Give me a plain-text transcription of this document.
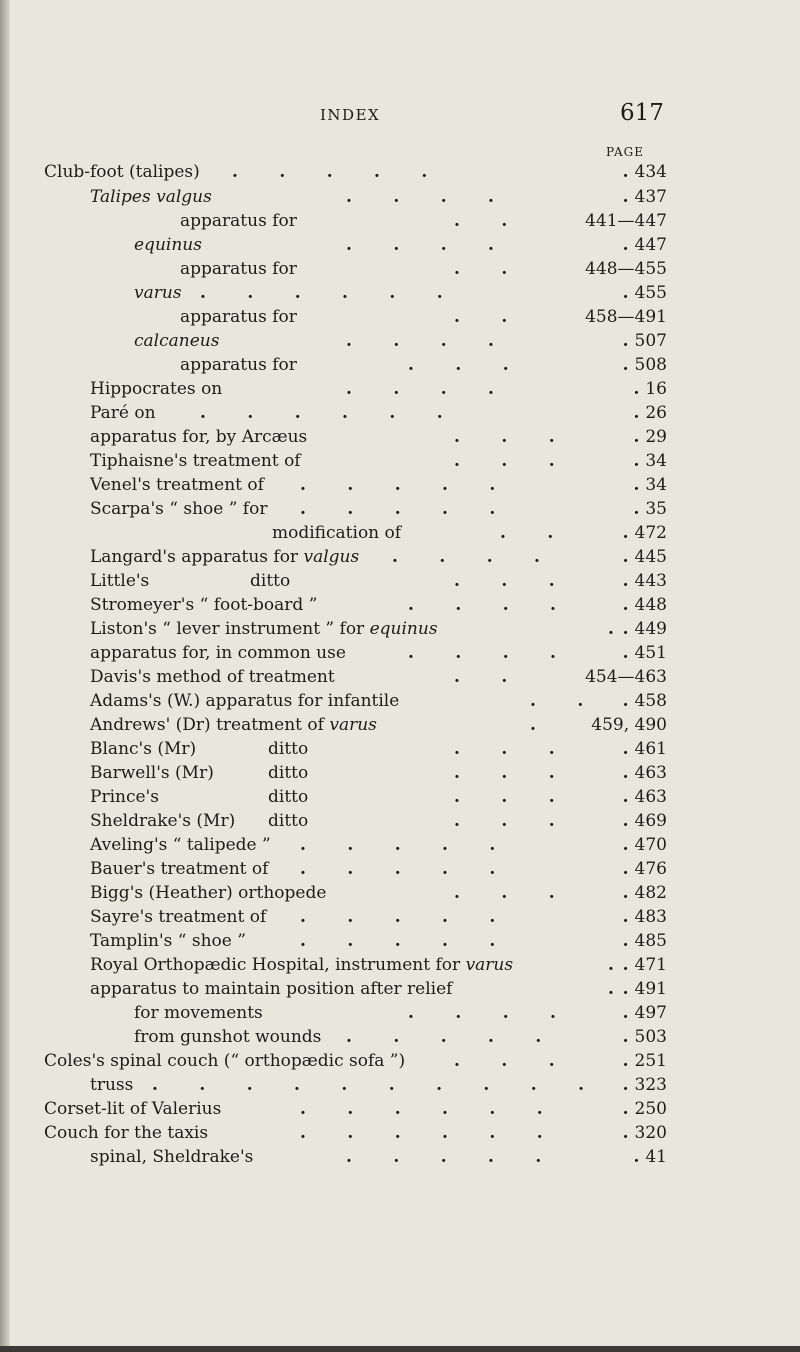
INDEX	617
PAGE
Club-foot (talipes) .       .       .       .       .	. 434
Talipes valgus	.       .       .       .	. 437
apparatus for	.       .	441—447
equinus	.       .       .       .	. 447
apparatus for	.       .	448—455
varus .       .       .       .       .       .	. 455
apparatus for	.       .	458—491
calcaneus	.       .       .       .	. 507
apparatus for	.       .       .	. 508
Hippocrates on	.       .       .       .	. 16
Paré on	.       .       .       .       .       .	. 26
apparatus for, by Arcæus	.       .       .	. 29
Tiphaisne's treatment of	.       .       .	. 34
Venel's treatment of .       .       .       .       .	. 34
Scarpa's “ shoe ” for .       .       .       .       .	. 35
modification of	.       .	. 472
Langard's apparatus for valgus .       .       .       .	. 445
Little's	ditto	.       .       .	. 443
Stromeyer's “ foot-board ”	.       .       .       .	. 448
Liston's “ lever instrument ” for equinus	. . 449
apparatus for, in common use	.       .       .       .	. 451
Davis's method of treatment	.       .	454—463
Adams's (W.) apparatus for infantile	.       . . 458
Andrews' (Dr) treatment of varus	.	459, 490
Blanc's (Mr)	ditto	.       .       .	. 461
Barwell's (Mr)	ditto	.       .       .	. 463
Prince's	ditto	.       .       .	. 463
Sheldrake's (Mr) ditto	.       .       .	. 469
Aveling's “ talipede ” .       .       .       .       .	. 470
Bauer's treatment of .       .       .       .       .	. 476
Bigg's (Heather) orthopede	.       .       .	. 482
Sayre's treatment of .       .       .       .       .	. 483
Tamplin's “ shoe ”	.       .       .       .       .	. 485
Royal Orthopædic Hospital, instrument for varus	. . 471
apparatus to maintain position after relief	. . 491
for movements	.       .       .       .	. 497
from gunshot wounds .       .       .       .       .	. 503
Coles's spinal couch (“ orthopædic sofa ”)	.       .       .	. 251
truss .       .       .       .       .       .       .       .       .       . . 323
Corset-lit of Valerius	.       .       .       .       .       .	. 250
Couch for the taxis	.       .       .       .       .       .	. 320
spinal, Sheldrake's	.       .       .       .       .	. 41
